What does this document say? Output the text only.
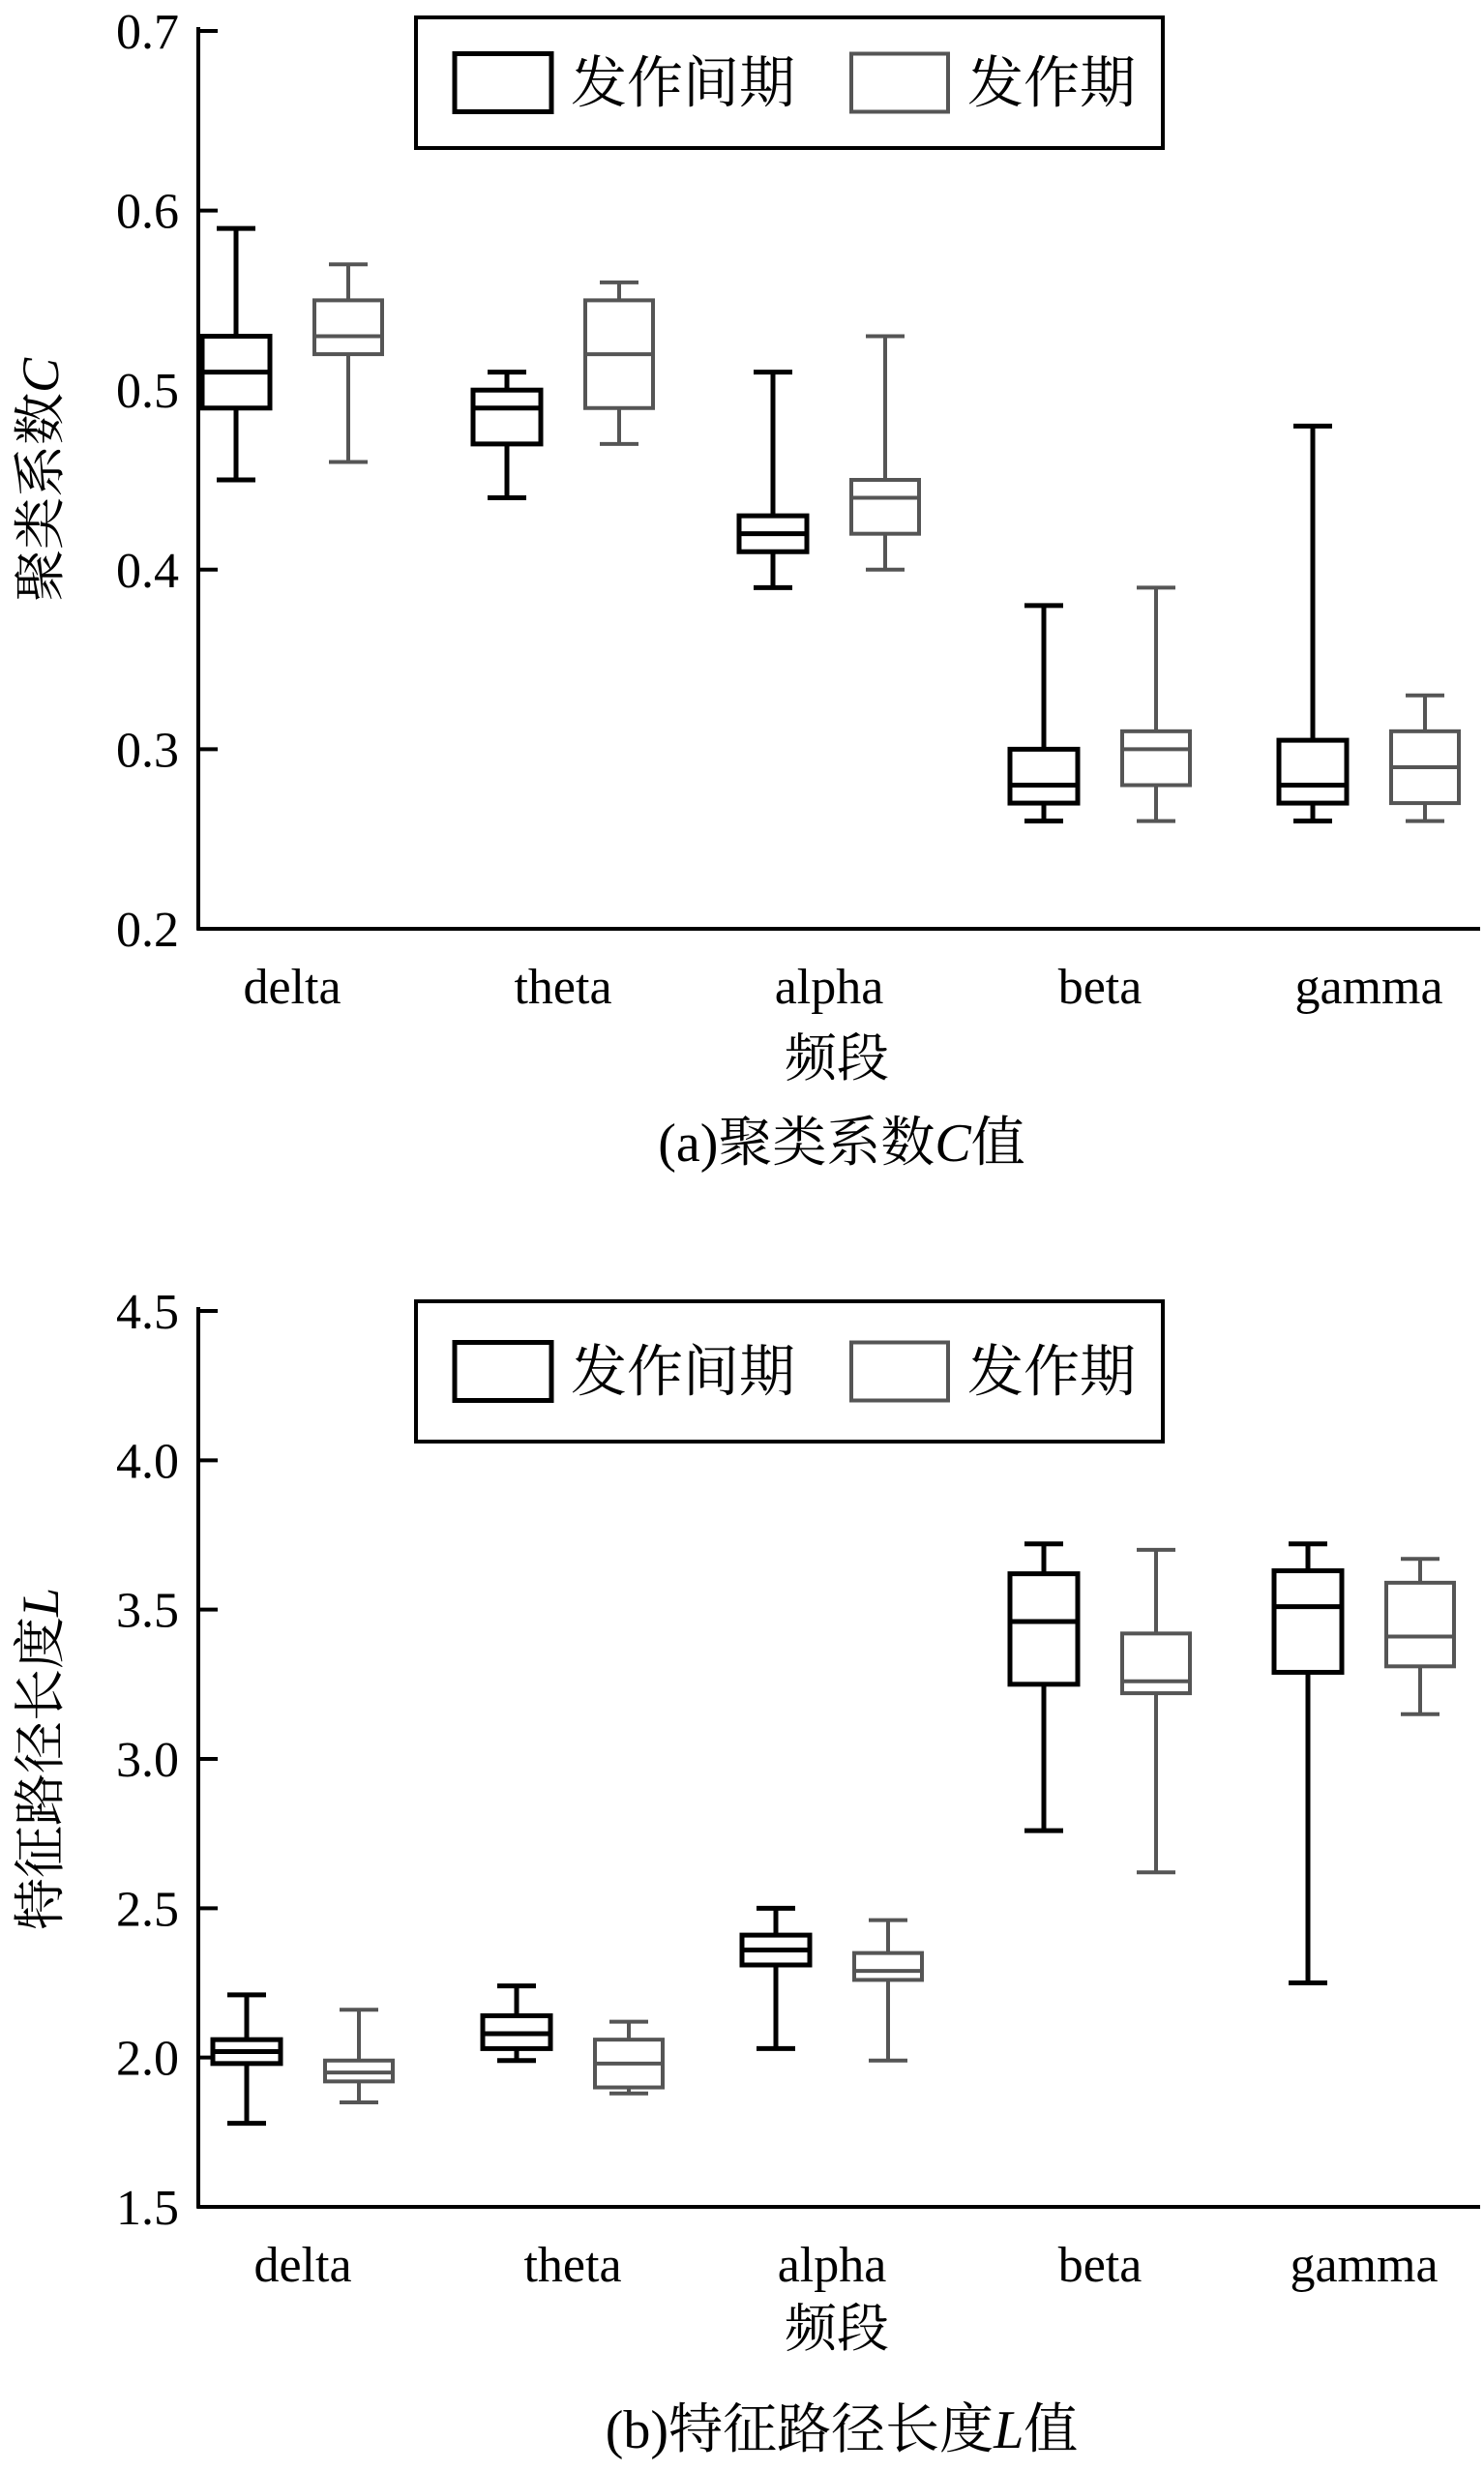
0.2
0.3
0.4
0.5
0.6
0.7
delta	theta	alpha	beta	gamma
频段
聚类系数C
(a)聚类系数C值
发作间期	发作期
1.5
2.0
2.5
3.0
3.5
4.0
4.5
delta	theta	alpha	beta	gamma
频段
特征路径长度L
(b)特征路径长度L值
发作间期	发作期
